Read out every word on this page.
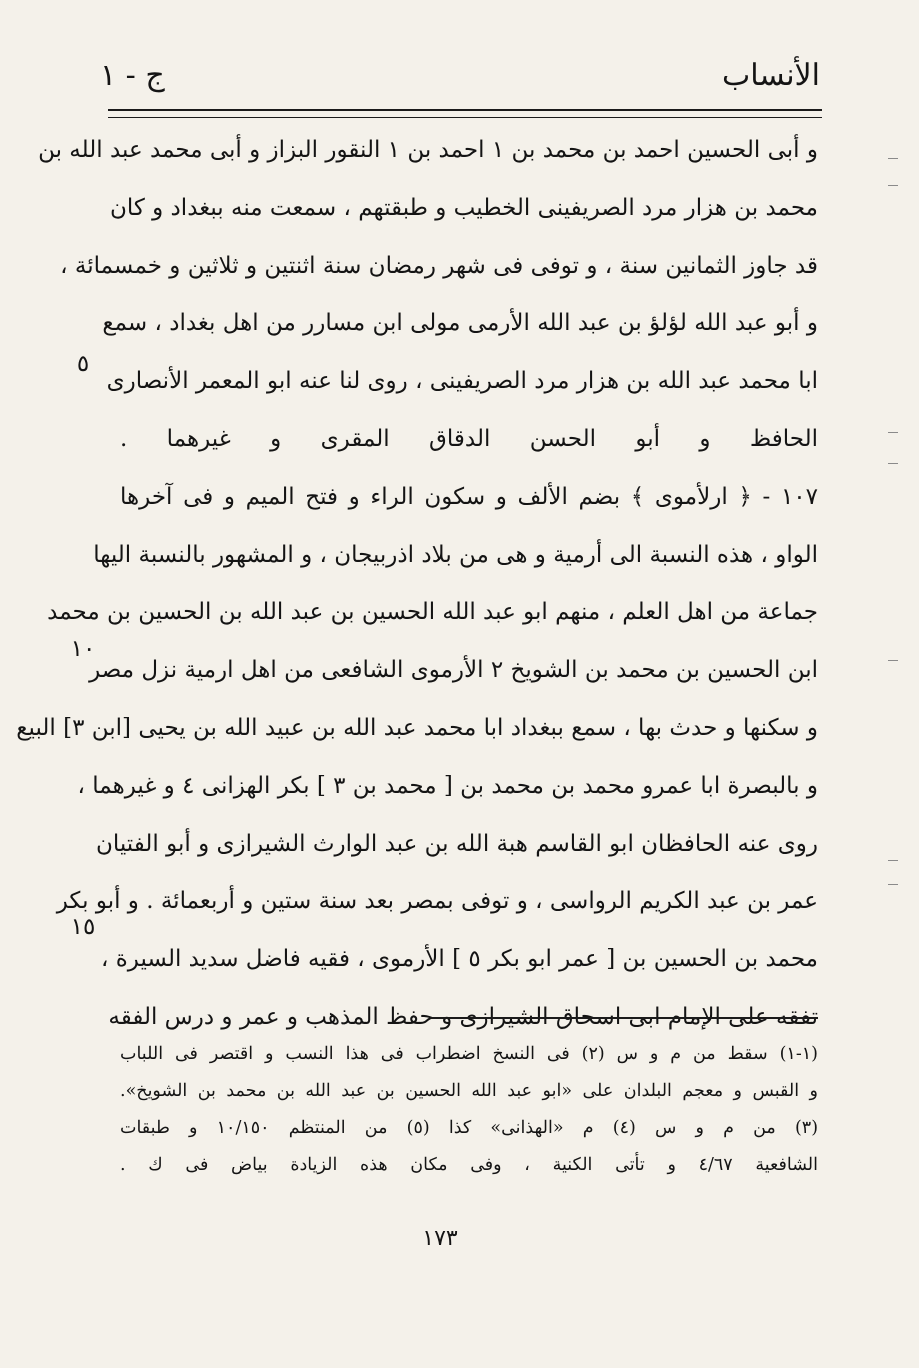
الأنساب
ج - ١
و أبى الحسين احمد بن محمد بن ١ احمد بن ١ النقور البزاز و أبى محمد عبد الله بن
محمد بن هزار مرد الصريفينى الخطيب و طبقتهم ، سمعت منه ببغداد و كان
قد جاوز الثمانين سنة ، و توفى فى شهر رمضان سنة اثنتين و ثلاثين و خمسمائة ،
و أبو عبد الله لؤلؤ بن عبد الله الأرمى مولى ابن مسارر من اهل بغداد ، سمع
ابا محمد عبد الله بن هزار مرد الصريفينى ، روى لنا عنه ابو المعمر الأنصارى
الحافظ و أبو الحسن الدقاق المقرى و غيرهما .
١٠٧ - ﴿ ارلأموى ﴾ بضم الألف و سكون الراء و فتح الميم و فى آخرها
الواو ، هذه النسبة الى أرمية و هى من بلاد اذربيجان ، و المشهور بالنسبة اليها
جماعة من اهل العلم ، منهم ابو عبد الله الحسين بن عبد الله بن الحسين بن محمد
ابن الحسين بن محمد بن الشويخ ٢ الأرموى الشافعى من اهل ارمية نزل مصر
و سكنها و حدث بها ، سمع ببغداد ابا محمد عبد الله بن عبيد الله بن يحيى [ابن ٣] البيع
و بالبصرة ابا عمرو محمد بن محمد بن [ محمد بن ٣ ] بكر الهزانى ٤ و غيرهما ،
روى عنه الحافظان ابو القاسم هبة الله بن عبد الوارث الشيرازى و أبو الفتيان
عمر بن عبد الكريم الرواسى ، و توفى بمصر بعد سنة ستين و أربعمائة . و أبو بكر
محمد بن الحسين بن [ عمر ابو بكر ٥ ] الأرموى ، فقيه فاضل سديد السيرة ،
تفقه على الإمام ابى اسحاق الشيرازى و حفظ المذهب و عمر و درس الفقه
٥
١٠
١٥
(١-١) سقط من م و س (٢) فى النسخ اضطراب فى هذا النسب و اقتصر فى اللباب
و القبس و معجم البلدان على «ابو عبد الله الحسين بن عبد الله بن محمد بن الشويخ».
(٣) من م و س (٤) م «الهذانى» كذا (٥) من المنتظم ١٠/١٥٠ و طبقات
الشافعية ٤/٦٧ و تأتى الكنية ، وفى مكان هذه الزيادة بياض فى ك .
١٧٣
